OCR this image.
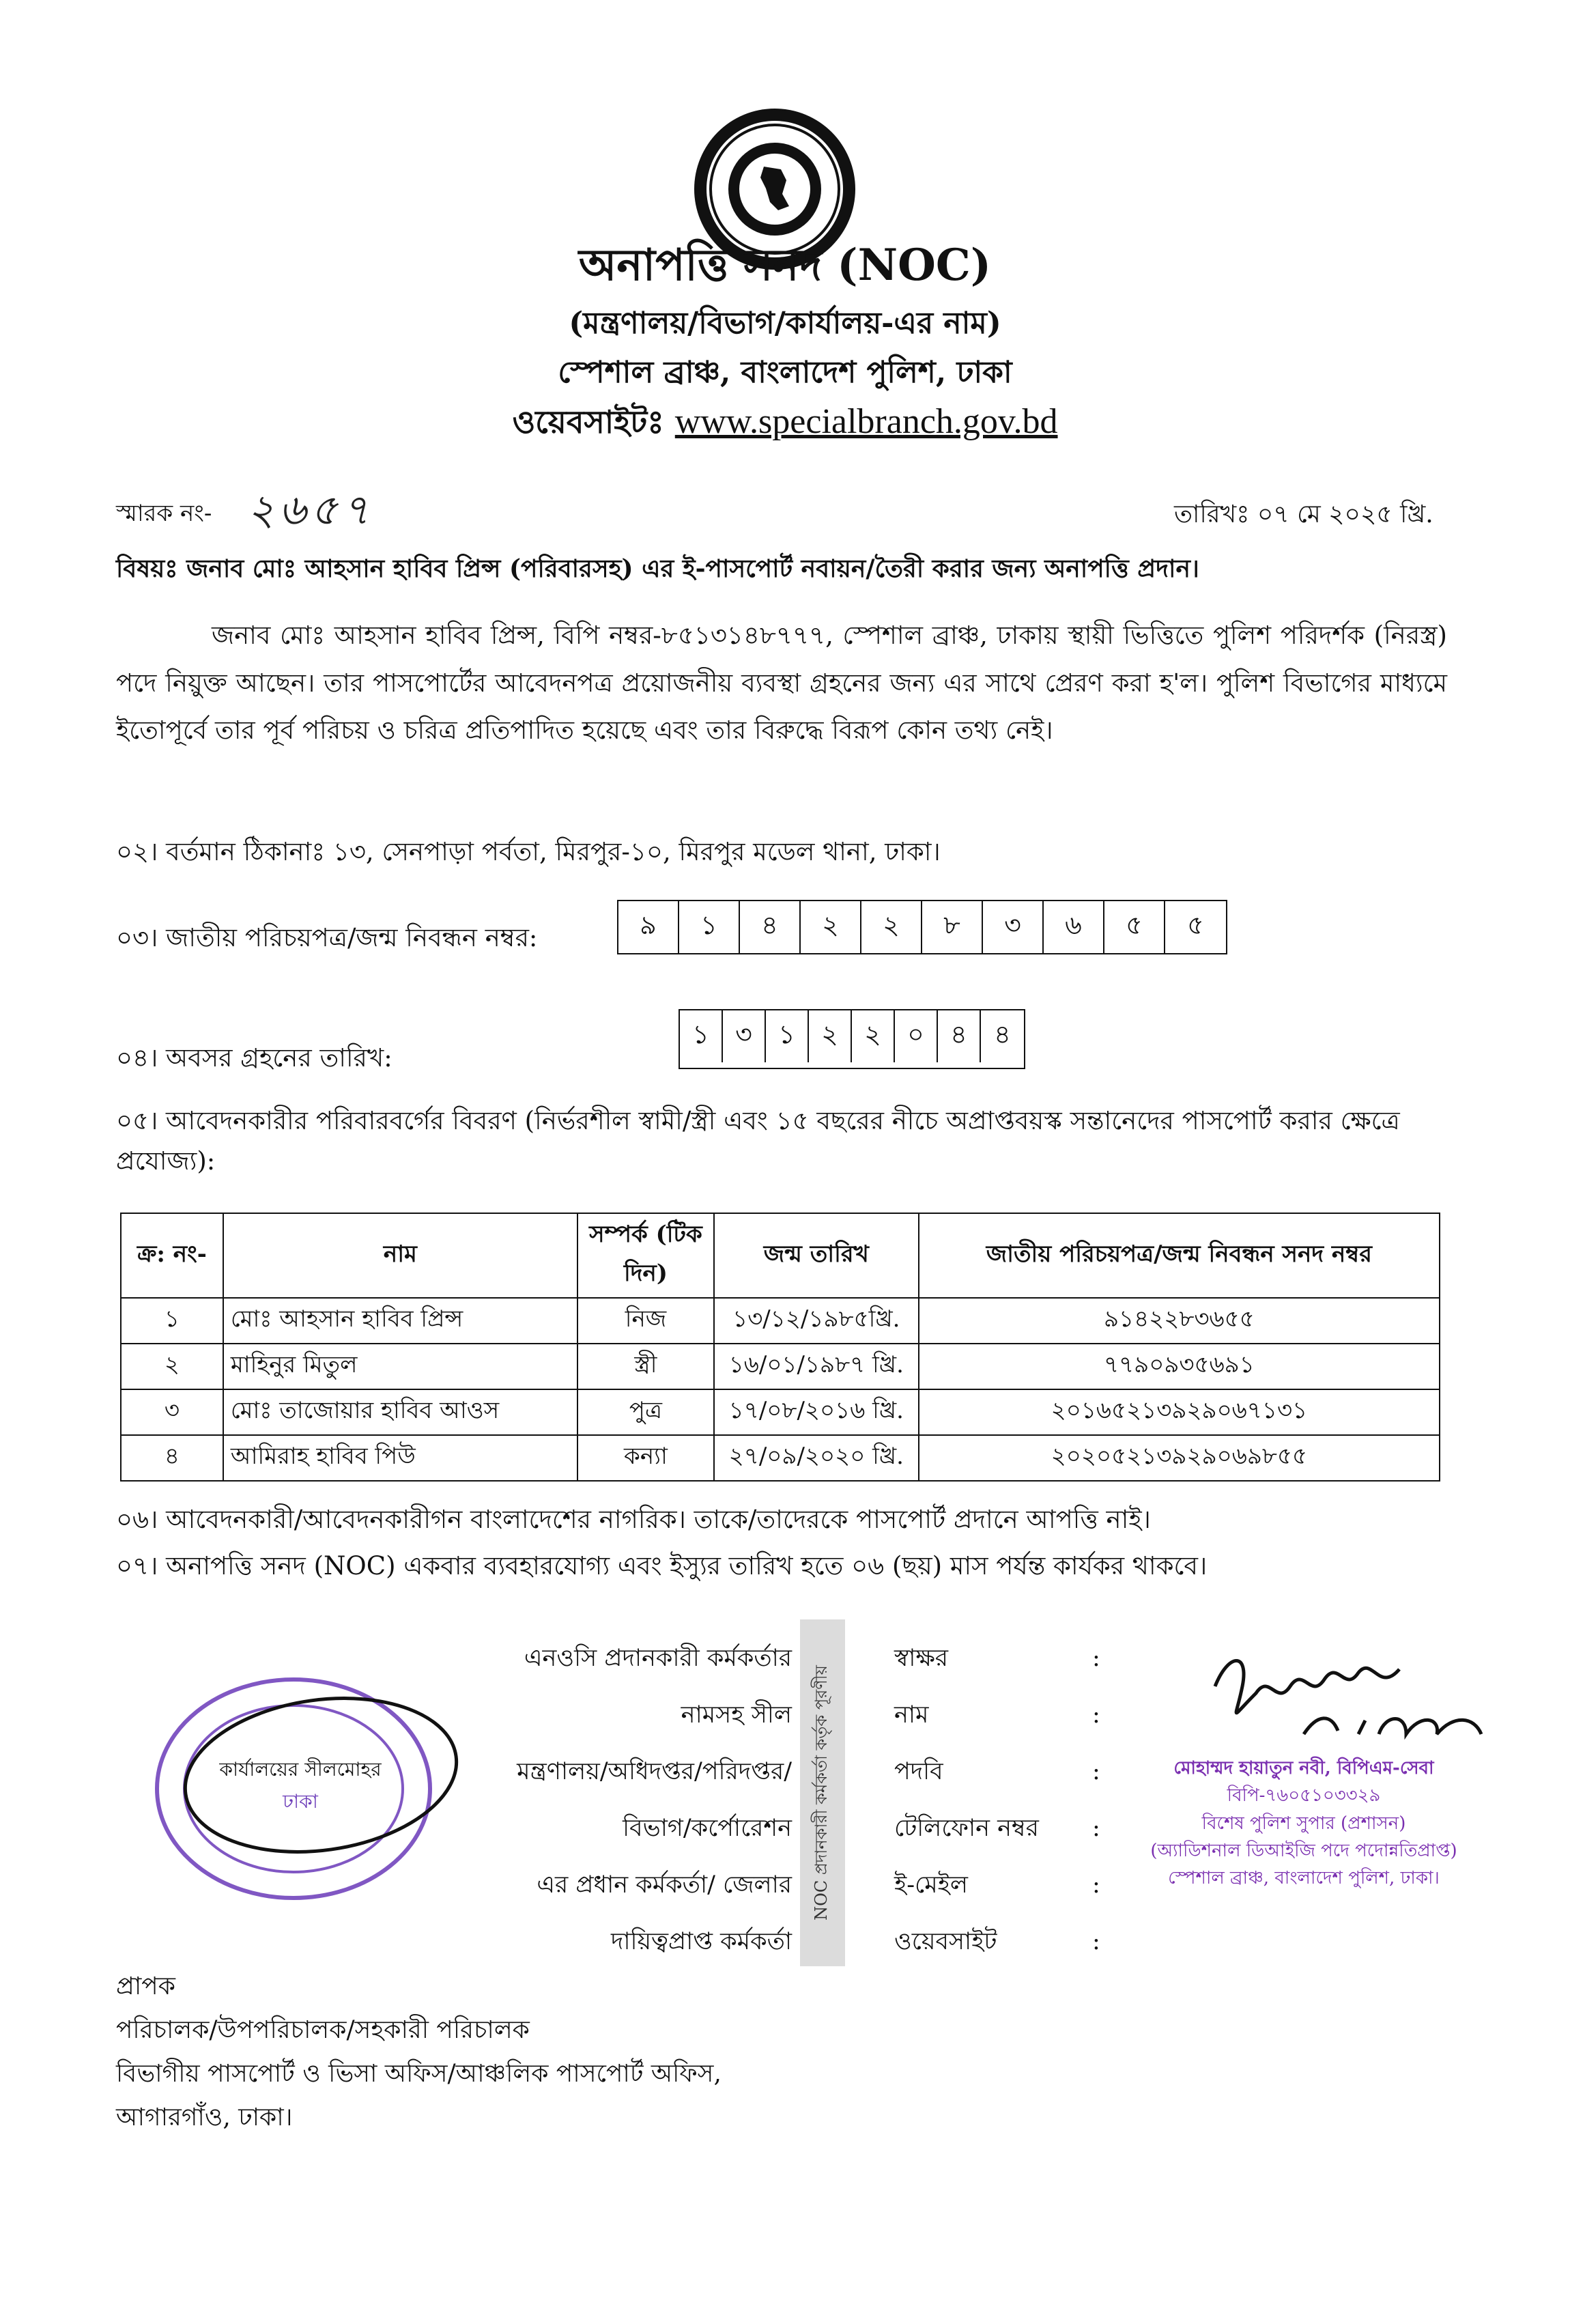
অনাপত্তি সনদ (NOC)
(মন্ত্রণালয়/বিভাগ/কার্যালয়-এর নাম)
স্পেশাল ব্রাঞ্চ, বাংলাদেশ পুলিশ, ঢাকা
ওয়েবসাইটঃ www.specialbranch.gov.bd
স্মারক নং- ২৬৫৭	তারিখঃ ০৭ মে ২০২৫ খ্রি.
বিষয়ঃ জনাব মোঃ আহসান হাবিব প্রিন্স (পরিবারসহ) এর ই-পাসপোর্ট নবায়ন/তৈরী করার জন্য অনাপত্তি প্রদান।
জনাব মোঃ আহসান হাবিব প্রিন্স, বিপি নম্বর-৮৫১৩১৪৮৭৭৭, স্পেশাল ব্রাঞ্চ, ঢাকায় স্থায়ী ভিত্তিতে পুলিশ পরিদর্শক (নিরস্ত্র) পদে নিয়ুক্ত আছেন। তার পাসপোর্টের আবেদনপত্র প্রয়োজনীয় ব্যবস্থা গ্রহনের জন্য এর সাথে প্রেরণ করা হ'ল। পুলিশ বিভাগের মাধ্যমে ইতোপূর্বে তার পূর্ব পরিচয় ও চরিত্র প্রতিপাদিত হয়েছে এবং তার বিরুদ্ধে বিরূপ কোন তথ্য নেই।
০২। বর্তমান ঠিকানাঃ ১৩, সেনপাড়া পর্বতা, মিরপুর-১০, মিরপুর মডেল থানা, ঢাকা।
০৩। জাতীয় পরিচয়পত্র/জন্ম নিবন্ধন নম্বর:	৯	১	৪	২	২	৮	৩	৬	৫	৫
০৪। অবসর গ্রহনের তারিখ:
১	৩	১	২	২	০	৪	৪
০৫। আবেদনকারীর পরিবারবর্গের বিবরণ (নির্ভরশীল স্বামী/স্ত্রী এবং ১৫ বছরের নীচে অপ্রাপ্তবয়স্ক সন্তানেদের পাসপোর্ট করার ক্ষেত্রে প্রযোজ্য):
ক্র: নং-	নাম	সম্পর্ক (টিক দিন)	জন্ম তারিখ	জাতীয় পরিচয়পত্র/জন্ম নিবন্ধন সনদ নম্বর
১	মোঃ আহসান হাবিব প্রিন্স	নিজ	১৩/১২/১৯৮৫খ্রি.	৯১৪২২৮৩৬৫৫
২	মাহিনুর মিতুল	স্ত্রী	১৬/০১/১৯৮৭ খ্রি.	৭৭৯০৯৩৫৬৯১
৩	মোঃ তাজোয়ার হাবিব আওস	পুত্র	১৭/০৮/২০১৬ খ্রি.	২০১৬৫২১৩৯২৯০৬৭১৩১
৪	আমিরাহ হাবিব পিউ	কন্যা	২৭/০৯/২০২০ খ্রি.	২০২০৫২১৩৯২৯০৬৯৮৫৫
০৬। আবেদনকারী/আবেদনকারীগন বাংলাদেশের নাগরিক। তাকে/তাদেরকে পাসপোর্ট প্রদানে আপত্তি নাই।
০৭। অনাপত্তি সনদ (NOC) একবার ব্যবহারযোগ্য এবং ইস্যুর তারিখ হতে ০৬ (ছয়) মাস পর্যন্ত কার্যকর থাকবে।
এনওসি প্রদানকারী কর্মকর্তার
নামসহ সীল
মন্ত্রণালয়/অধিদপ্তর/পরিদপ্তর/
বিভাগ/কর্পোরেশন
এর প্রধান কর্মকর্তা/ জেলার
দায়িত্বপ্রাপ্ত কর্মকর্তা
NOC প্রদানকারী কর্মকর্তা কর্তৃক পূরণীয়
স্বাক্ষর
নাম
পদবি
টেলিফোন নম্বর
ই-মেইল
ওয়েবসাইট
:
:
:
:
:
:
কার্যালয়ের সীলমোহর
ঢাকা
মোহাম্মদ হায়াতুন নবী, বিপিএম-সেবা
বিপি-৭৬০৫১০৩৩২৯
বিশেষ পুলিশ সুপার (প্রশাসন)
(অ্যাডিশনাল ডিআইজি পদে পদোন্নতিপ্রাপ্ত)
স্পেশাল ব্রাঞ্চ, বাংলাদেশ পুলিশ, ঢাকা।
প্রাপক
পরিচালক/উপপরিচালক/সহকারী পরিচালক
বিভাগীয় পাসপোর্ট ও ভিসা অফিস/আঞ্চলিক পাসপোর্ট অফিস,
আগারগাঁও, ঢাকা।
